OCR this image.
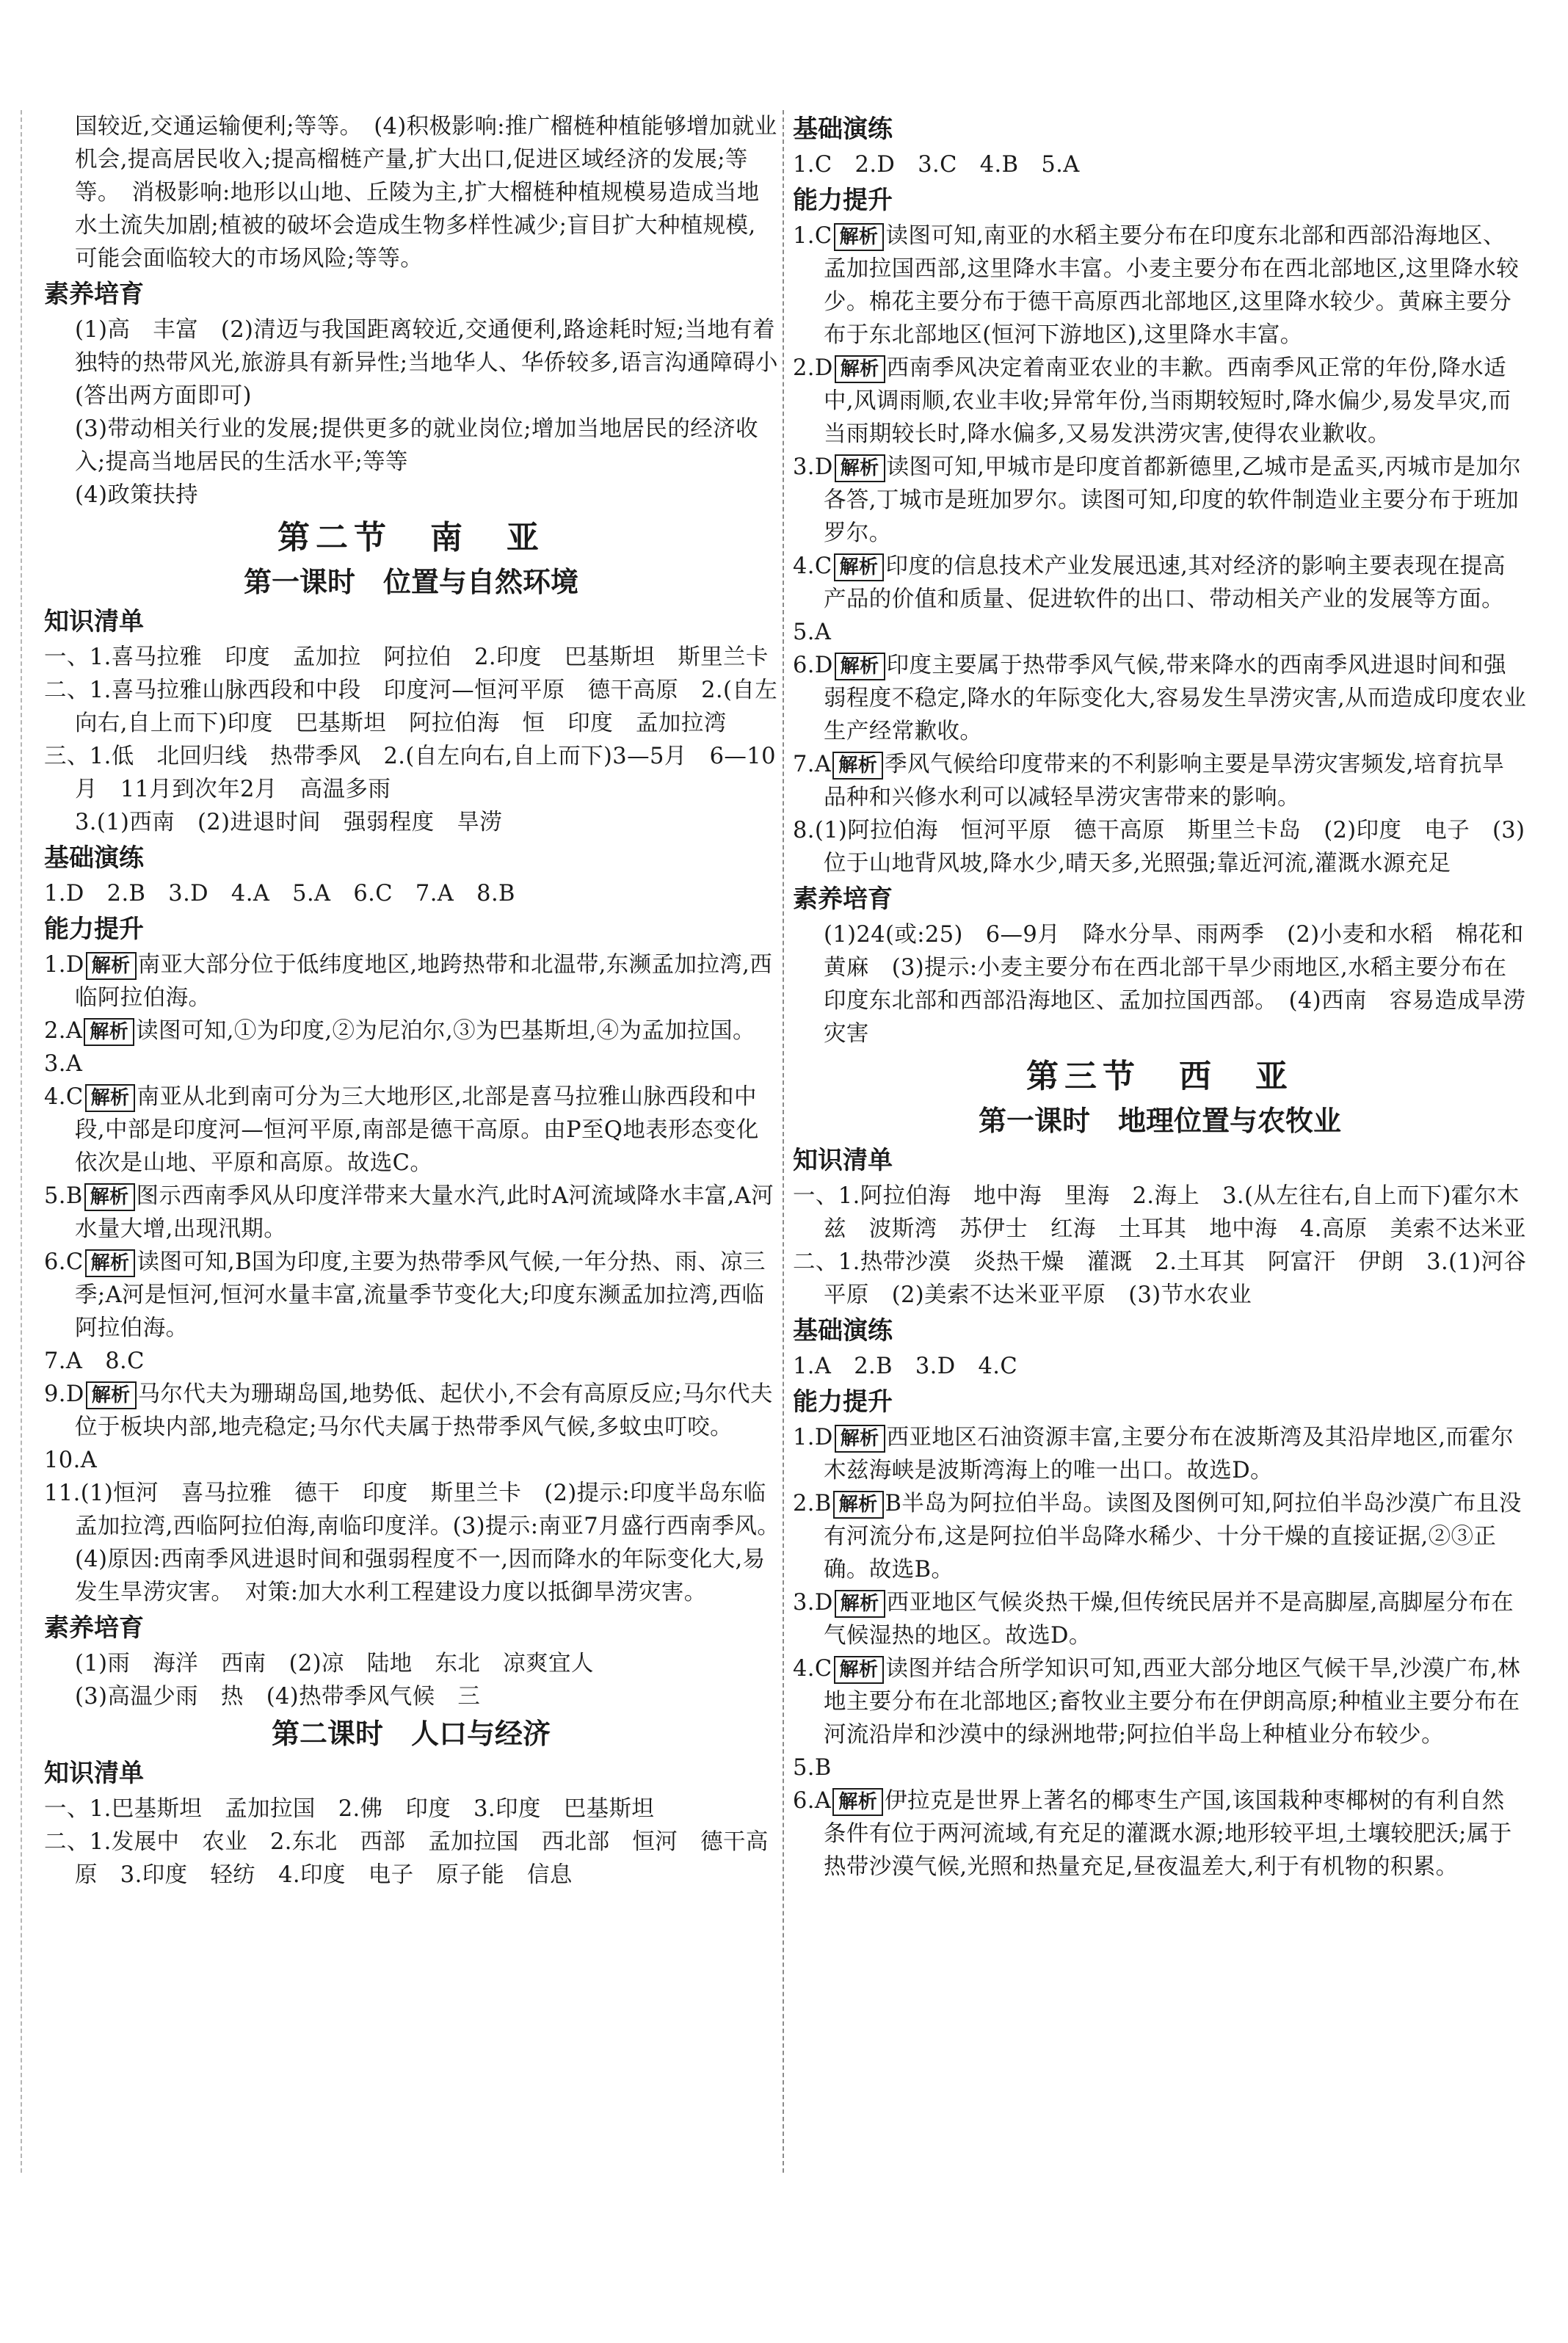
国较近,交通运输便利;等等。　(4)积极影响:推广榴梿种植能够增加就业机会,提高居民收入;提高榴梿产量,扩大出口,促进区域经济的发展;等等。　消极影响:地形以山地、丘陵为主,扩大榴梿种植规模易造成当地水土流失加剧;植被的破坏会造成生物多样性减少;盲目扩大种植规模,可能会面临较大的市场风险;等等。

素养培育

(1)高　丰富　(2)清迈与我国距离较近,交通便利,路途耗时短;当地有着独特的热带风光,旅游具有新异性;当地华人、华侨较多,语言沟通障碍小(答出两方面即可)

(3)带动相关行业的发展;提供更多的就业岗位;增加当地居民的经济收入;提高当地居民的生活水平;等等

(4)政策扶持

第二节　南　亚

第一课时　位置与自然环境

知识清单

一、1.喜马拉雅　印度　孟加拉　阿拉伯　2.印度　巴基斯坦　斯里兰卡

二、1.喜马拉雅山脉西段和中段　印度河—恒河平原　德干高原　2.(自左向右,自上而下)印度　巴基斯坦　阿拉伯海　恒　印度　孟加拉湾

三、1.低　北回归线　热带季风　2.(自左向右,自上而下)3—5月　6—10月　11月到次年2月　高温多雨

3.(1)西南　(2)进退时间　强弱程度　旱涝

基础演练

1.D　2.B　3.D　4.A　5.A　6.C　7.A　8.B

能力提升

1.D 解析 南亚大部分位于低纬度地区,地跨热带和北温带,东濒孟加拉湾,西临阿拉伯海。

2.A 解析 读图可知,①为印度,②为尼泊尔,③为巴基斯坦,④为孟加拉国。

3.A

4.C 解析 南亚从北到南可分为三大地形区,北部是喜马拉雅山脉西段和中段,中部是印度河—恒河平原,南部是德干高原。由P至Q地表形态变化依次是山地、平原和高原。故选C。

5.B 解析 图示西南季风从印度洋带来大量水汽,此时A河流域降水丰富,A河水量大增,出现汛期。

6.C 解析 读图可知,B国为印度,主要为热带季风气候,一年分热、雨、凉三季;A河是恒河,恒河水量丰富,流量季节变化大;印度东濒孟加拉湾,西临阿拉伯海。

7.A　8.C

9.D 解析 马尔代夫为珊瑚岛国,地势低、起伏小,不会有高原反应;马尔代夫位于板块内部,地壳稳定;马尔代夫属于热带季风气候,多蚊虫叮咬。

10.A

11.(1)恒河　喜马拉雅　德干　印度　斯里兰卡　(2)提示:印度半岛东临孟加拉湾,西临阿拉伯海,南临印度洋。(3)提示:南亚7月盛行西南季风。　(4)原因:西南季风进退时间和强弱程度不一,因而降水的年际变化大,易发生旱涝灾害。　对策:加大水利工程建设力度以抵御旱涝灾害。

素养培育

(1)雨　海洋　西南　(2)凉　陆地　东北　凉爽宜人

(3)高温少雨　热　(4)热带季风气候　三

第二课时　人口与经济

知识清单

一、1.巴基斯坦　孟加拉国　2.佛　印度　3.印度　巴基斯坦

二、1.发展中　农业　2.东北　西部　孟加拉国　西北部　恒河　德干高原　3.印度　轻纺　4.印度　电子　原子能　信息

基础演练

1.C　2.D　3.C　4.B　5.A

能力提升

1.C 解析 读图可知,南亚的水稻主要分布在印度东北部和西部沿海地区、孟加拉国西部,这里降水丰富。小麦主要分布在西北部地区,这里降水较少。棉花主要分布于德干高原西北部地区,这里降水较少。黄麻主要分布于东北部地区(恒河下游地区),这里降水丰富。

2.D 解析 西南季风决定着南亚农业的丰歉。西南季风正常的年份,降水适中,风调雨顺,农业丰收;异常年份,当雨期较短时,降水偏少,易发旱灾,而当雨期较长时,降水偏多,又易发洪涝灾害,使得农业歉收。

3.D 解析 读图可知,甲城市是印度首都新德里,乙城市是孟买,丙城市是加尔各答,丁城市是班加罗尔。读图可知,印度的软件制造业主要分布于班加罗尔。

4.C 解析 印度的信息技术产业发展迅速,其对经济的影响主要表现在提高产品的价值和质量、促进软件的出口、带动相关产业的发展等方面。

5.A

6.D 解析 印度主要属于热带季风气候,带来降水的西南季风进退时间和强弱程度不稳定,降水的年际变化大,容易发生旱涝灾害,从而造成印度农业生产经常歉收。

7.A 解析 季风气候给印度带来的不利影响主要是旱涝灾害频发,培育抗旱品种和兴修水利可以减轻旱涝灾害带来的影响。

8.(1)阿拉伯海　恒河平原　德干高原　斯里兰卡岛　(2)印度　电子　(3)位于山地背风坡,降水少,晴天多,光照强;靠近河流,灌溉水源充足

素养培育

(1)24(或:25)　6—9月　降水分旱、雨两季　(2)小麦和水稻　棉花和黄麻　(3)提示:小麦主要分布在西北部干旱少雨地区,水稻主要分布在印度东北部和西部沿海地区、孟加拉国西部。　(4)西南　容易造成旱涝灾害

第三节　西　亚

第一课时　地理位置与农牧业

知识清单

一、1.阿拉伯海　地中海　里海　2.海上　3.(从左往右,自上而下)霍尔木兹　波斯湾　苏伊士　红海　土耳其　地中海　4.高原　美索不达米亚

二、1.热带沙漠　炎热干燥　灌溉　2.土耳其　阿富汗　伊朗　3.(1)河谷平原　(2)美索不达米亚平原　(3)节水农业

基础演练

1.A　2.B　3.D　4.C

能力提升

1.D 解析 西亚地区石油资源丰富,主要分布在波斯湾及其沿岸地区,而霍尔木兹海峡是波斯湾海上的唯一出口。故选D。

2.B 解析 B半岛为阿拉伯半岛。读图及图例可知,阿拉伯半岛沙漠广布且没有河流分布,这是阿拉伯半岛降水稀少、十分干燥的直接证据,②③正确。故选B。

3.D 解析 西亚地区气候炎热干燥,但传统民居并不是高脚屋,高脚屋分布在气候湿热的地区。故选D。

4.C 解析 读图并结合所学知识可知,西亚大部分地区气候干旱,沙漠广布,林地主要分布在北部地区;畜牧业主要分布在伊朗高原;种植业主要分布在河流沿岸和沙漠中的绿洲地带;阿拉伯半岛上种植业分布较少。

5.B

6.A 解析 伊拉克是世界上著名的椰枣生产国,该国栽种枣椰树的有利自然条件有位于两河流域,有充足的灌溉水源;地形较平坦,土壤较肥沃;属于热带沙漠气候,光照和热量充足,昼夜温差大,利于有机物的积累。
